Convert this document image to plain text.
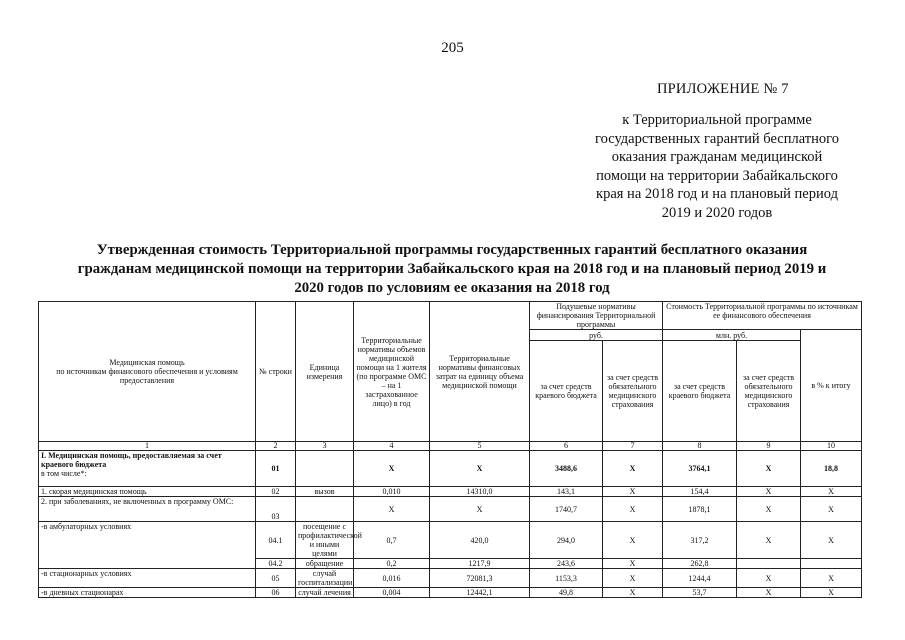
205
ПРИЛОЖЕНИЕ № 7
к Территориальной программе
государственных гарантий бесплатного
оказания гражданам медицинской
помощи на территории Забайкальского
края на 2018 год и на плановый период
2019 и 2020 годов
Утвержденная стоимость Территориальной программы государственных гарантий бесплатного оказания
гражданам медицинской помощи на территории Забайкальского края на 2018 год и на плановый период 2019 и
2020 годов по условиям ее оказания на 2018 год
Медицинская помощь
по источникам финансового обеспечения и условиям предоставления	№ строки	Единица измерения	Территориальные нормативы объемов медицинской помощи на 1 жителя (по программе ОМС – на 1 застрахованное лицо) в год	Территориальные нормативы финансовых затрат на единицу объема медицинской помощи	Подушевые нормативы финансирования Территориальной программы		Стоимость Территориальной программы по источникам ее финансового обеспечения		
					руб.		млн. руб.		в % к итогу
					за счет средств краевого бюджета	за счет средств обязательного медицинского страхования	за счет средств краевого бюджета	за счет средств обязательного медицинского страхования	
1	2	3	4	5	6	7	8	9	10
I. Медицинская помощь, предоставляемая за счет краевого бюджета
в том числе*:	01		Х	Х	3488,6	Х	3764,1	Х	18,8
1. скорая медицинская помощь	02	вызов	0,010	14310,0	143,1	Х	154,4	Х	Х
2. при заболеваниях, не включенных в программу ОМС:	03		Х	Х	1740,7	Х	1878,1	Х	Х
-в амбулаторных условиях	04.1	посещение с профилактической и иными целями	0,7	420,0	294,0	Х	317,2	Х	Х
	04.2	обращение	0,2	1217,9	243,6	Х	262,8		
-в стационарных условиях	05	случай госпитализации	0,016	72081,3	1153,3	Х	1244,4	Х	Х
-в дневных стационарах	06	случай лечения	0,004	12442,1	49,8	Х	53,7	Х	Х
